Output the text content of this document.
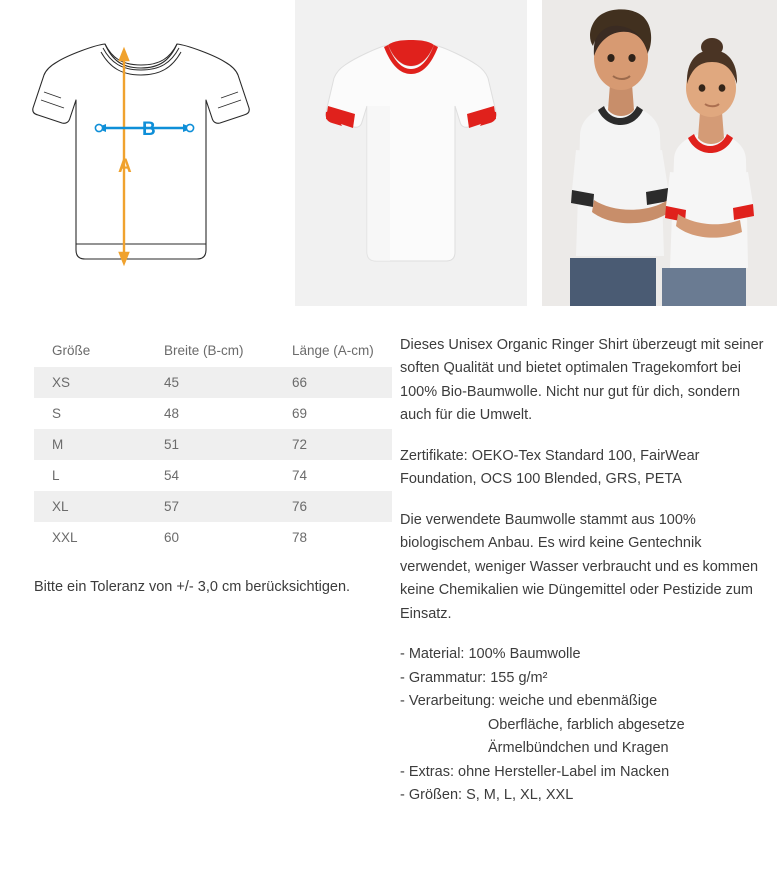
A
B
Größe	Breite (B-cm)	Länge (A-cm)
XS	45	66
S	48	69
M	51	72
L	54	74
XL	57	76
XXL	60	78
Bitte ein Toleranz von +/- 3,0 cm berücksichtigen.

Dieses Unisex Organic Ringer Shirt überzeugt mit seiner soften Qualität und bietet optimalen Tragekomfort bei 100% Bio-Baumwolle. Nicht nur gut für dich, sondern auch für die Umwelt.

Zertifikate: OEKO-Tex Standard 100, FairWear Foundation, OCS 100 Blended, GRS, PETA

Die verwendete Baumwolle stammt aus 100% biologischem Anbau. Es wird keine Gentechnik verwendet, weniger Wasser verbraucht und es kommen keine Chemikalien wie Düngemittel oder Pestizide zum Einsatz.

- Material: 100% Baumwolle

- Grammatur: 155 g/m²

- Verarbeitung: weiche und ebenmäßige

Oberfläche, farblich abgesetze

Ärmelbündchen und Kragen

- Extras: ohne Hersteller-Label im Nacken

- Größen: S, M, L, XL, XXL
